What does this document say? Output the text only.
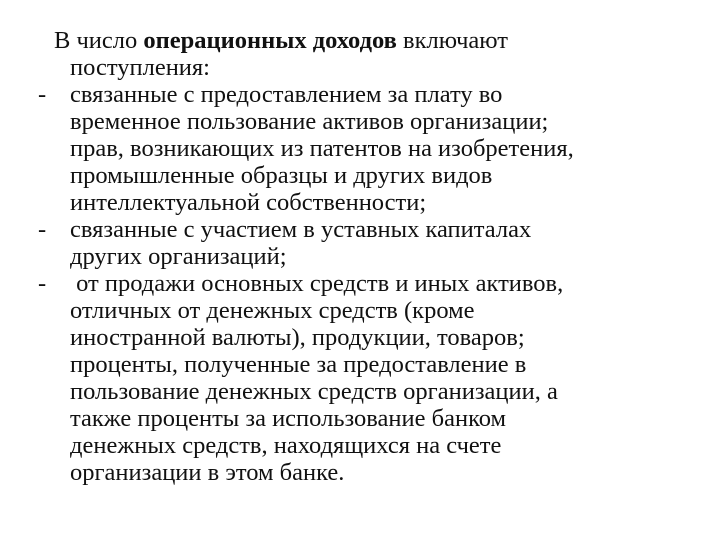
В число операционных доходов включают
поступления:

- связанные с предоставлением за плату во
временное пользование активов организации;
прав, возникающих из патентов на изобретения,
промышленные образцы и других видов
интеллектуальной собственности;

- связанные с участием в уставных капиталах
других организаций;

- от продажи основных средств и иных активов,
отличных от денежных средств (кроме
иностранной валюты), продукции, товаров;
проценты, полученные за предоставление в
пользование денежных средств организации, а
также проценты за использование банком
денежных средств, находящихся на счете
организации в этом банке.
